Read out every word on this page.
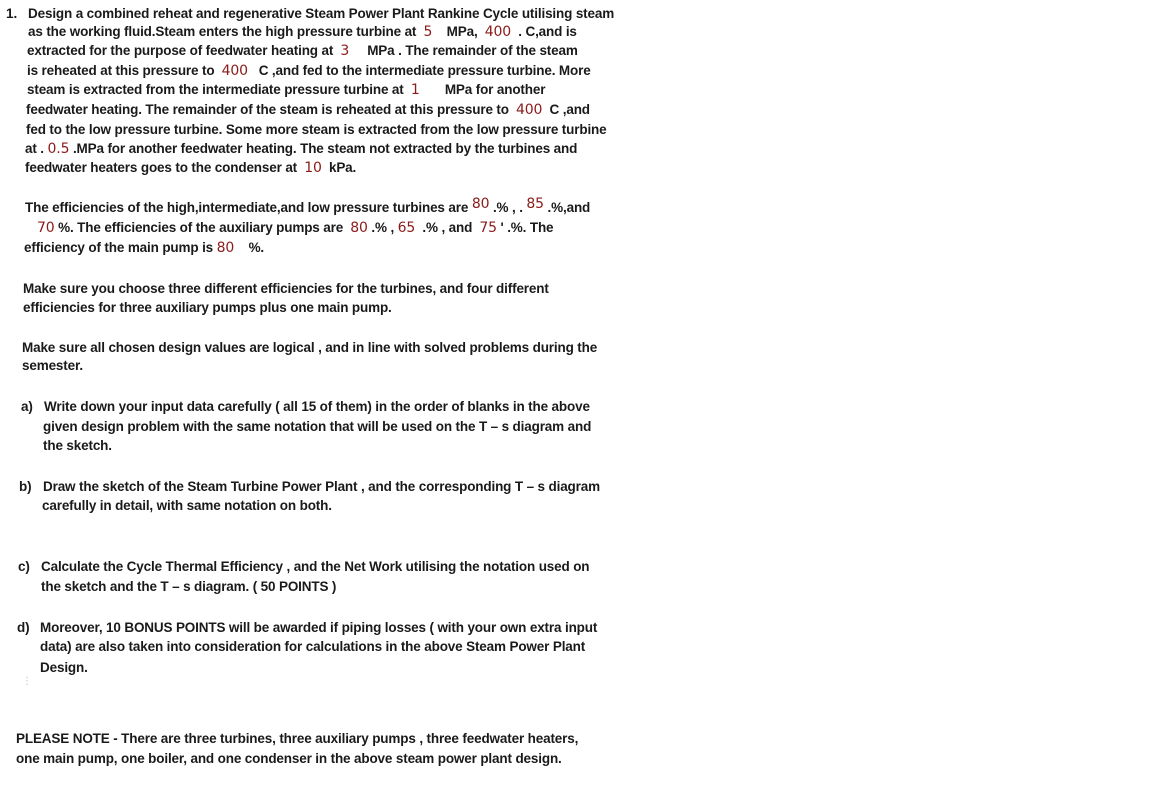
1. Design a combined reheat and regenerative Steam Power Plant Rankine Cycle utilising steam
as the working fluid.Steam enters the high pressure turbine at 5 MPa, 400 . C,and is
extracted for the purpose of feedwater heating at 3 MPa . The remainder of the steam
is reheated at this pressure to 400 C ,and fed to the intermediate pressure turbine. More
steam is extracted from the intermediate pressure turbine at 1 MPa for another
feedwater heating. The remainder of the steam is reheated at this pressure to 400 C ,and
fed to the low pressure turbine. Some more steam is extracted from the low pressure turbine
at . 0.5 .MPa for another feedwater heating. The steam not extracted by the turbines and
feedwater heaters goes to the condenser at 10 kPa.
The efficiencies of the high,intermediate,and low pressure turbines are 80 .% , . 85 .%,and
70 %. The efficiencies of the auxiliary pumps are 80 .% , 65 .% , and 75 ' .%. The
efficiency of the main pump is 80 %.
Make sure you choose three different efficiencies for the turbines, and four different
efficiencies for three auxiliary pumps plus one main pump.
Make sure all chosen design values are logical , and in line with solved problems during the
semester.
a) Write down your input data carefully ( all 15 of them) in the order of blanks in the above
given design problem with the same notation that will be used on the T – s diagram and
the sketch.
b) Draw the sketch of the Steam Turbine Power Plant , and the corresponding T – s diagram
carefully in detail, with same notation on both.
c) Calculate the Cycle Thermal Efficiency , and the Net Work utilising the notation used on
the sketch and the T – s diagram. ( 50 POINTS )
d) Moreover, 10 BONUS POINTS will be awarded if piping losses ( with your own extra input
data) are also taken into consideration for calculations in the above Steam Power Plant
Design.
⋮
PLEASE NOTE - There are three turbines, three auxiliary pumps , three feedwater heaters,
one main pump, one boiler, and one condenser in the above steam power plant design.
